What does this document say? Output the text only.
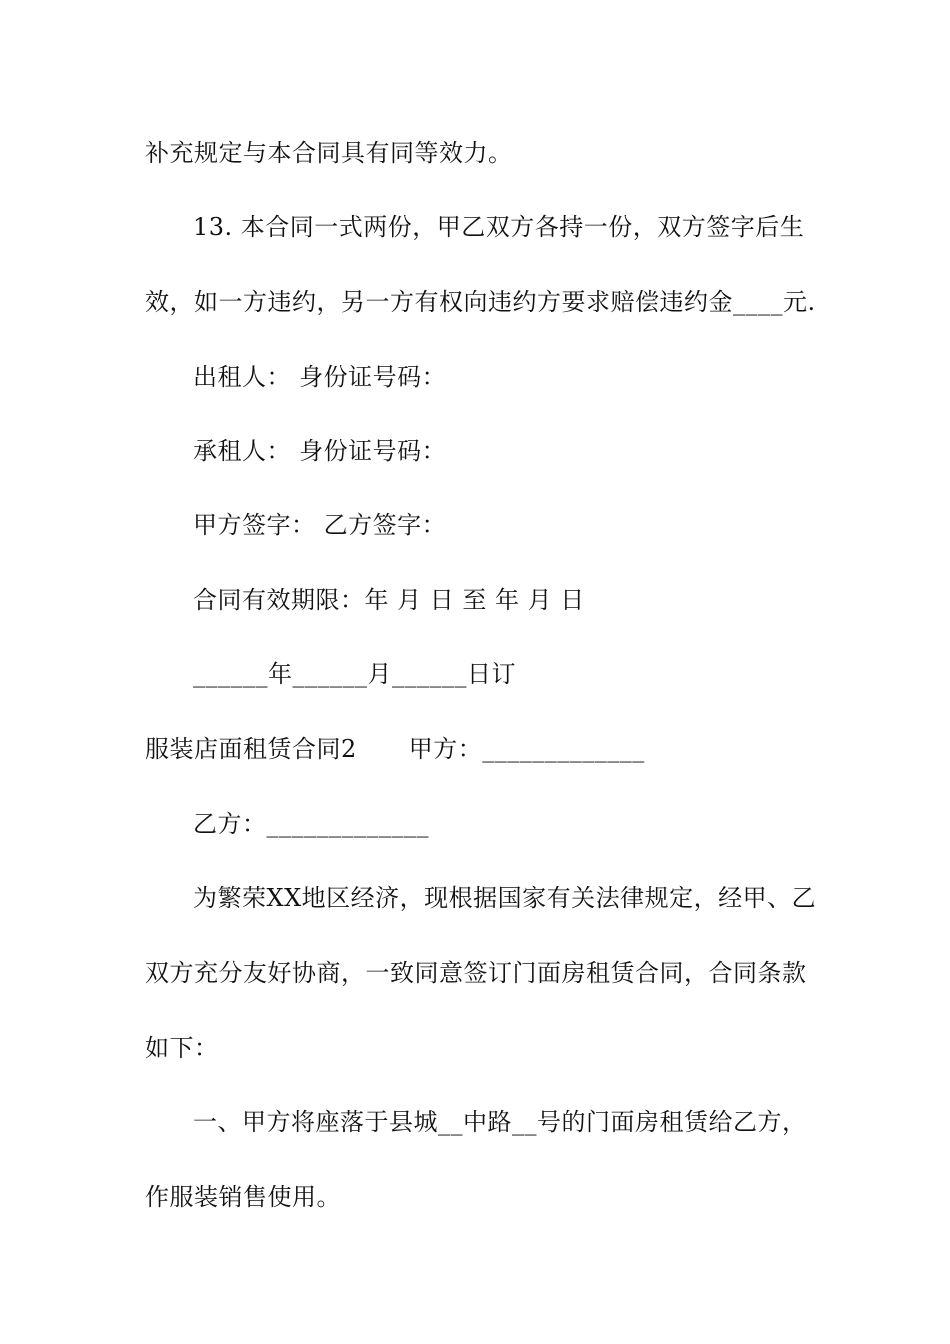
补充规定与本合同具有同等效力。
13. 本合同一式两份，甲乙双方各持一份，双方签字后生
效，如一方违约，另一方有权向违约方要求赔偿违约金____元.
出租人： 身份证号码：
承租人： 身份证号码：
甲方签字： 乙方签字：
合同有效期限：年 月 日 至 年 月 日
______年______月______日订
服装店面租赁合同2 甲方：_____________
乙方：_____________
为繁荣XX地区经济，现根据国家有关法律规定，经甲、乙
双方充分友好协商，一致同意签订门面房租赁合同，合同条款
如下：
一、甲方将座落于县城__中路__号的门面房租赁给乙方，
作服装销售使用。
